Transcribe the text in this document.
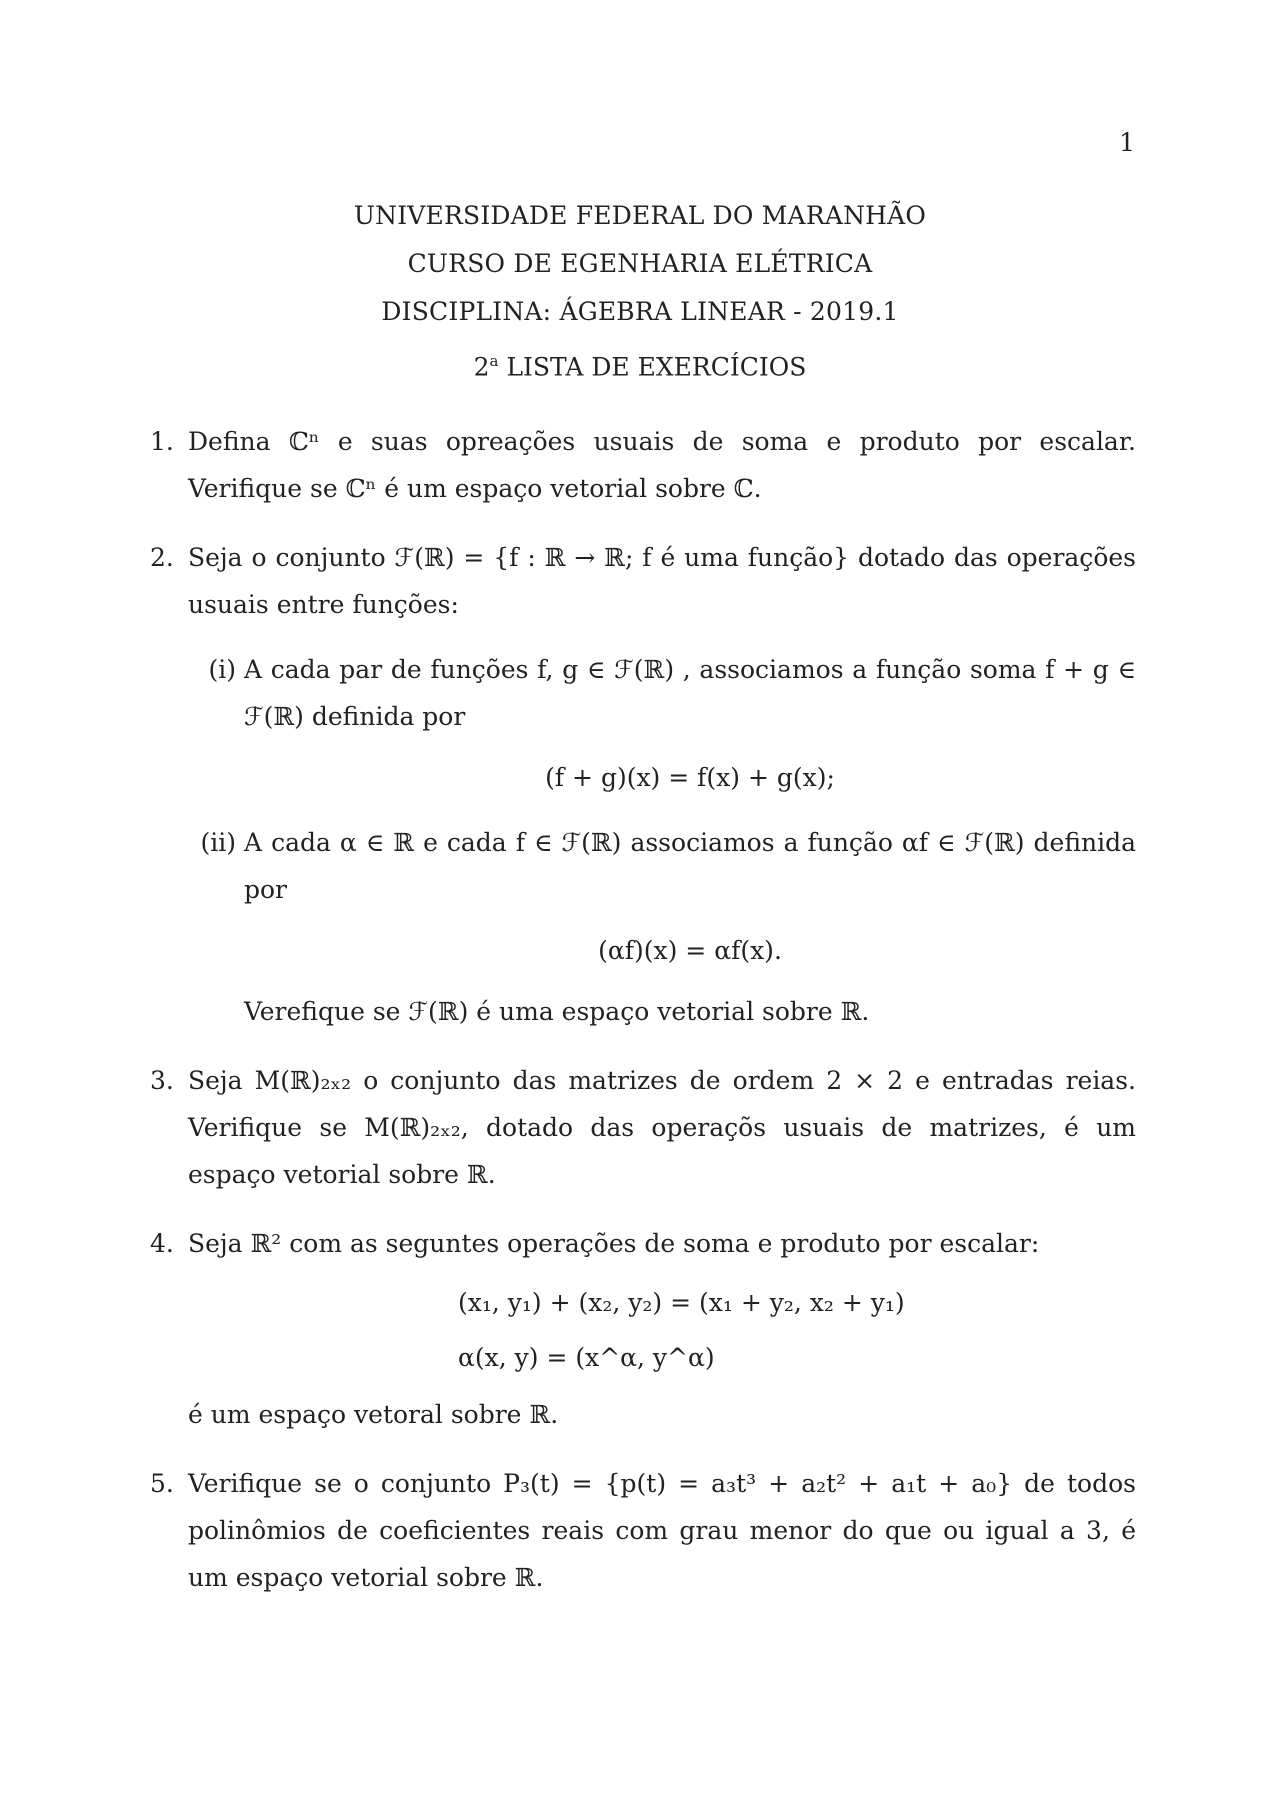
1
UNIVERSIDADE FEDERAL DO MARANHÃO
CURSO DE EGENHARIA ELÉTRICA
DISCIPLINA: ÁGEBRA LINEAR - 2019.1
2$^a$ LISTA DE EXERCÍCIOS
1. Defina ℂⁿ e suas opreações usuais de soma e produto por escalar. Verifique se ℂⁿ é um espaço vetorial sobre ℂ.
2. Seja o conjunto ℱ(ℝ) = {f : ℝ → ℝ; f é uma função} dotado das operações usuais entre funções:
(i) A cada par de funções f, g ∈ ℱ(ℝ) , associamos a função soma f + g ∈ ℱ(ℝ) definida por
(f + g)(x) = f(x) + g(x);
(ii) A cada α ∈ ℝ e cada f ∈ ℱ(ℝ) associamos a função αf ∈ ℱ(ℝ) definida por
(αf)(x) = αf(x).
Verefique se ℱ(ℝ) é uma espaço vetorial sobre ℝ.
3. Seja M(ℝ)₂ₓ₂ o conjunto das matrizes de ordem 2 × 2 e entradas reias. Verifique se M(ℝ)₂ₓ₂, dotado das operaçõs usuais de matrizes, é um espaço vetorial sobre ℝ.
4. Seja ℝ² com as seguntes operações de soma e produto por escalar:
(x₁, y₁) + (x₂, y₂) = (x₁ + y₂, x₂ + y₁)
α(x, y) = (x^α, y^α)
é um espaço vetoral sobre ℝ.
5. Verifique se o conjunto P₃(t) = {p(t) = a₃t³ + a₂t² + a₁t + a₀} de todos polinômios de coeficientes reais com grau menor do que ou igual a 3, é um espaço vetorial sobre ℝ.
